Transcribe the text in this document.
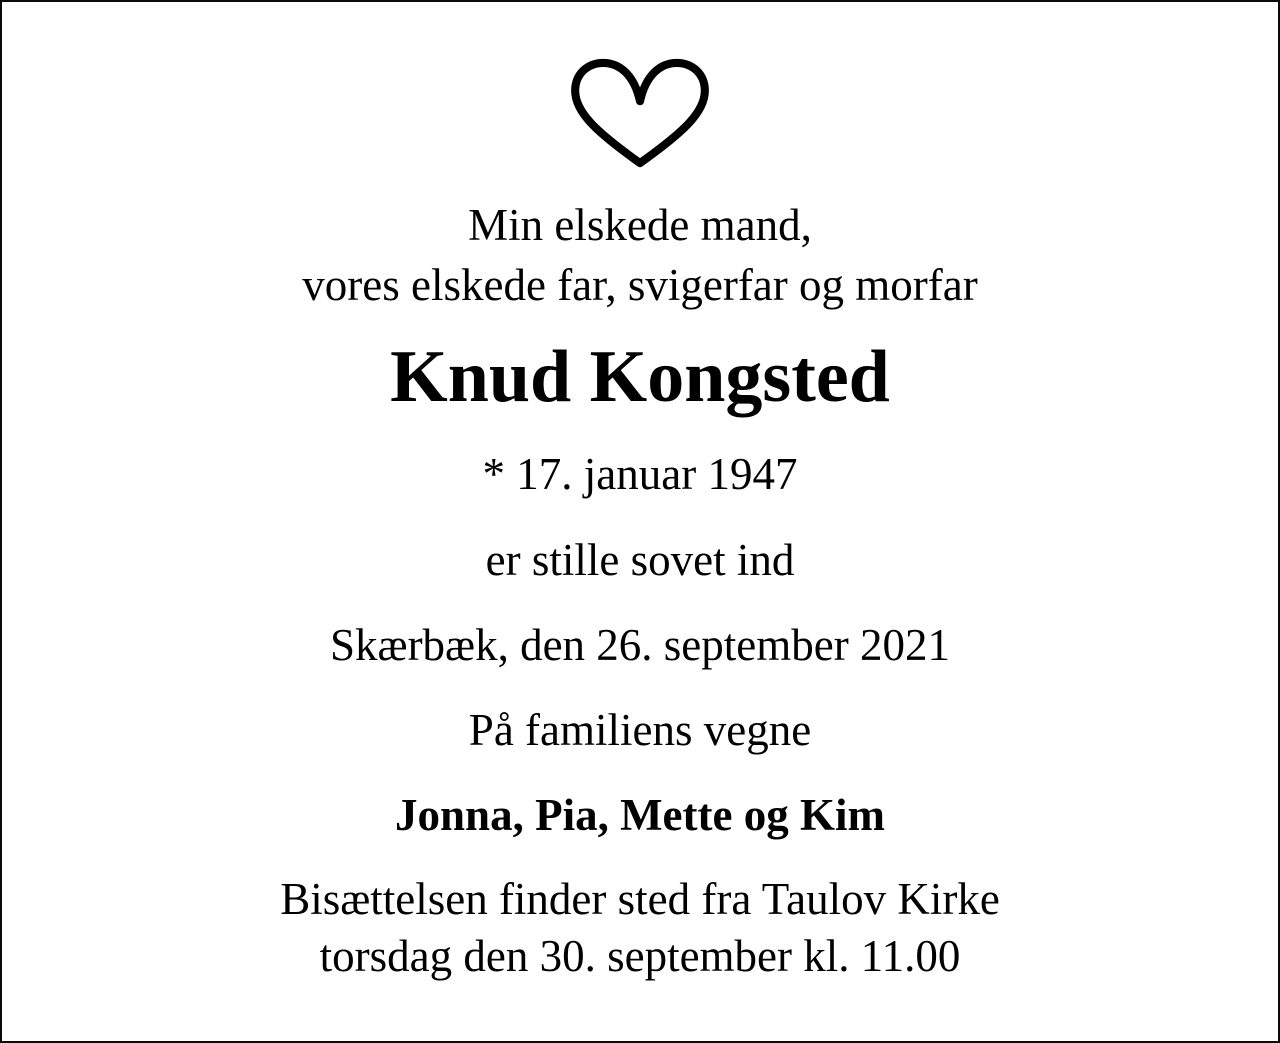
Min elskede mand,
vores elskede far, svigerfar og morfar

Knud Kongsted

* 17. januar 1947

er stille sovet ind

Skærbæk, den 26. september 2021

På familiens vegne

Jonna, Pia, Mette og Kim

Bisættelsen finder sted fra Taulov Kirke
torsdag den 30. september kl. 11.00
